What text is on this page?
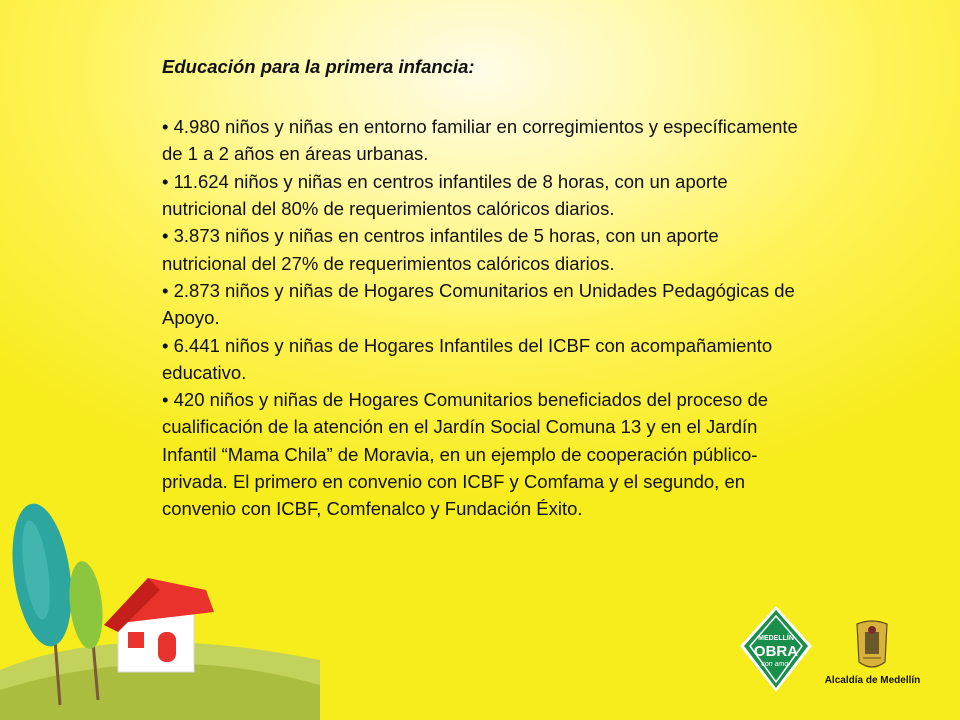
Educación para la primera infancia:
• 4.980 niños y niñas en entorno familiar en corregimientos y específicamente de 1 a 2 años en áreas urbanas.
• 11.624 niños y niñas en centros infantiles de 8 horas, con un aporte nutricional del 80% de requerimientos calóricos diarios.
• 3.873 niños y niñas en centros infantiles de 5 horas, con un aporte nutricional del 27% de requerimientos calóricos diarios.
• 2.873 niños y niñas de Hogares Comunitarios en Unidades Pedagógicas de Apoyo.
• 6.441 niños y niñas de Hogares Infantiles del ICBF con acompañamiento educativo.
• 420 niños y niñas de Hogares Comunitarios beneficiados del proceso de cualificación de la atención en el Jardín Social Comuna 13 y en el Jardín Infantil “Mama Chila” de Moravia, en un ejemplo de cooperación público-privada. El primero en convenio con ICBF y Comfama y el segundo, en convenio con ICBF, Comfenalco y Fundación Éxito.
MEDELLÍN
OBRA
con amor
Alcaldía de Medellín
